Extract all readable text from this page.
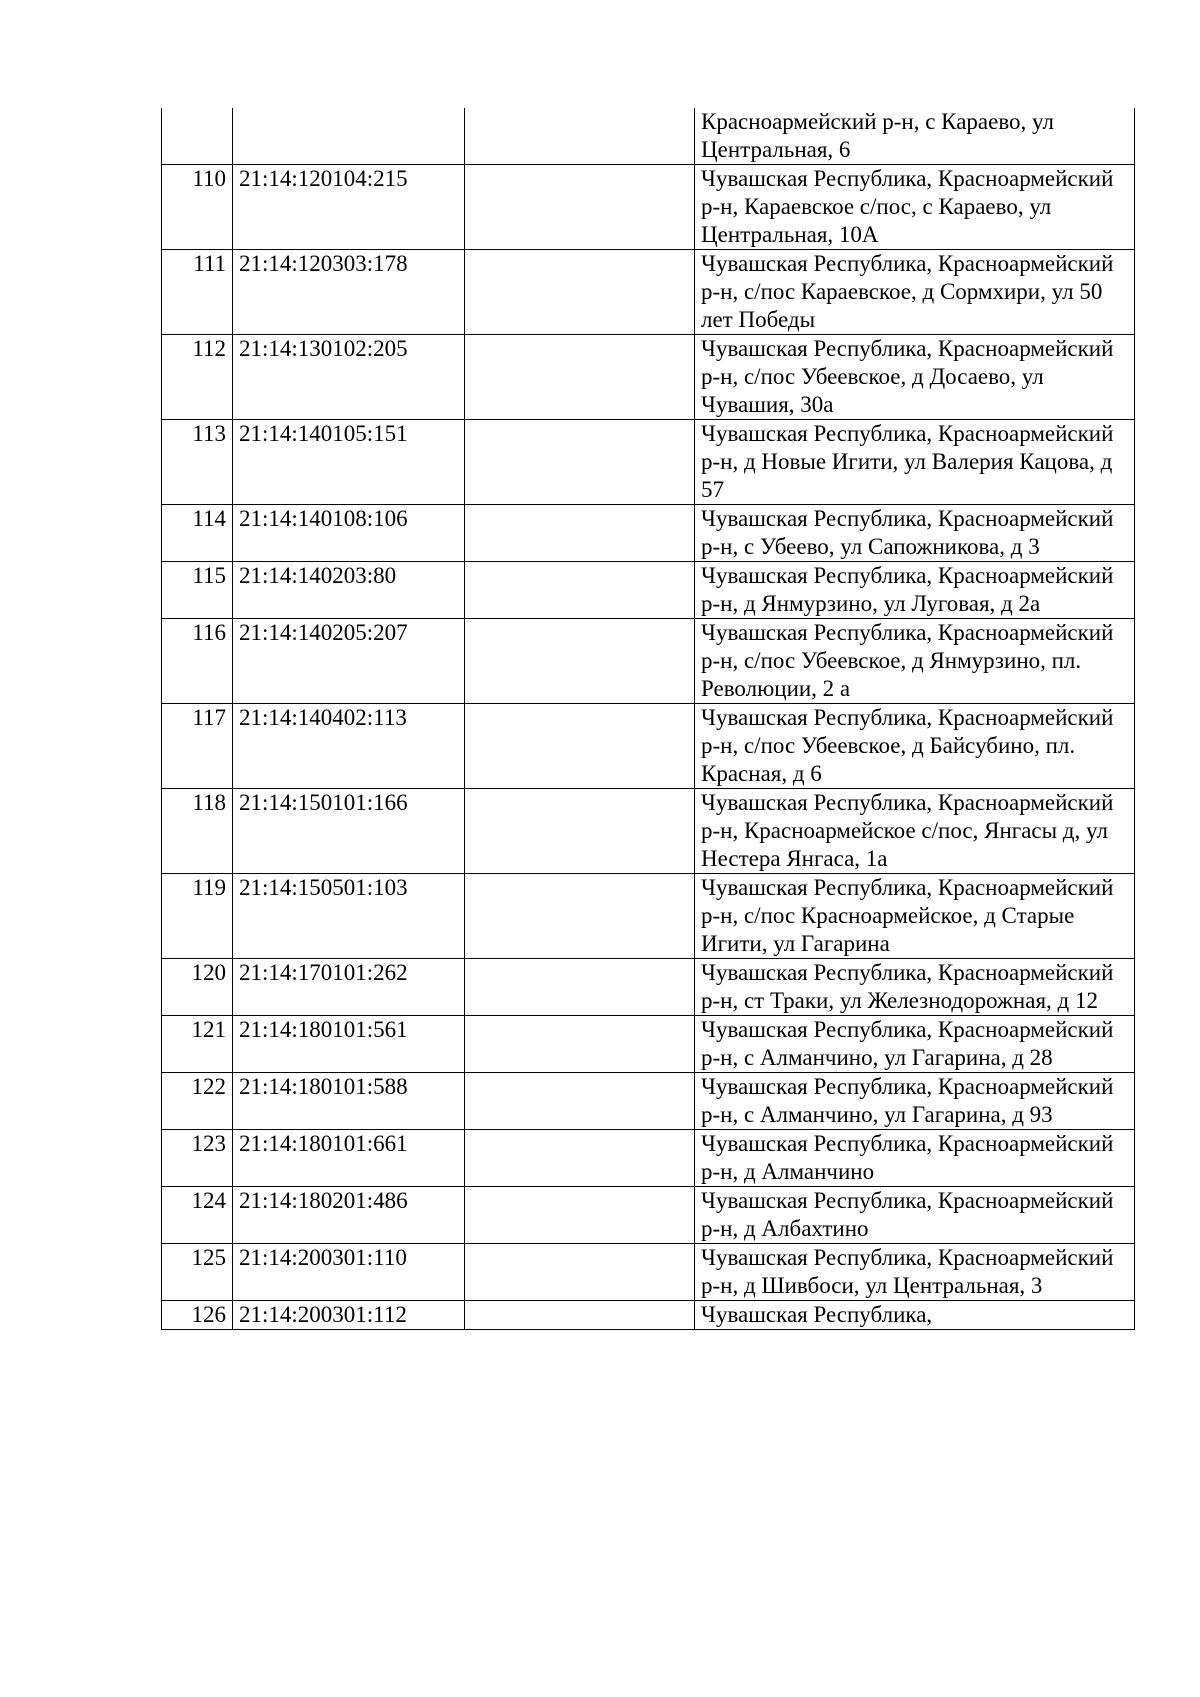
			Красноармейский р-н, с Караево, ул Центральная, 6
110	21:14:120104:215		Чувашская Республика, Красноармейский р-н, Караевское с/пос, с Караево, ул Центральная, 10А
111	21:14:120303:178		Чувашская Республика, Красноармейский р-н, с/пос Караевское, д Сормхири, ул 50 лет Победы
112	21:14:130102:205		Чувашская Республика, Красноармейский р-н, с/пос Убеевское, д Досаево, ул Чувашия, 30а
113	21:14:140105:151		Чувашская Республика, Красноармейский р-н, д Новые Игити, ул Валерия Кацова, д 57
114	21:14:140108:106		Чувашская Республика, Красноармейский р-н, с Убеево, ул Сапожникова, д 3
115	21:14:140203:80		Чувашская Республика, Красноармейский р-н, д Янмурзино, ул Луговая, д 2а
116	21:14:140205:207		Чувашская Республика, Красноармейский р-н, с/пос Убеевское, д Янмурзино, пл. Революции, 2 а
117	21:14:140402:113		Чувашская Республика, Красноармейский р-н, с/пос Убеевское, д Байсубино, пл. Красная, д 6
118	21:14:150101:166		Чувашская Республика, Красноармейский р-н, Красноармейское с/пос, Янгасы д, ул Нестера Янгаса, 1а
119	21:14:150501:103		Чувашская Республика, Красноармейский р-н, с/пос Красноармейское, д Старые Игити, ул Гагарина
120	21:14:170101:262		Чувашская Республика, Красноармейский р-н, ст Траки, ул Железнодорожная, д 12
121	21:14:180101:561		Чувашская Республика, Красноармейский р-н, с Алманчино, ул Гагарина, д 28
122	21:14:180101:588		Чувашская Республика, Красноармейский р-н, с Алманчино, ул Гагарина, д 93
123	21:14:180101:661		Чувашская Республика, Красноармейский р-н, д Алманчино
124	21:14:180201:486		Чувашская Республика, Красноармейский р-н, д Албахтино
125	21:14:200301:110		Чувашская Республика, Красноармейский р-н, д Шивбоси, ул Центральная, 3
126	21:14:200301:112		Чувашская Республика,
